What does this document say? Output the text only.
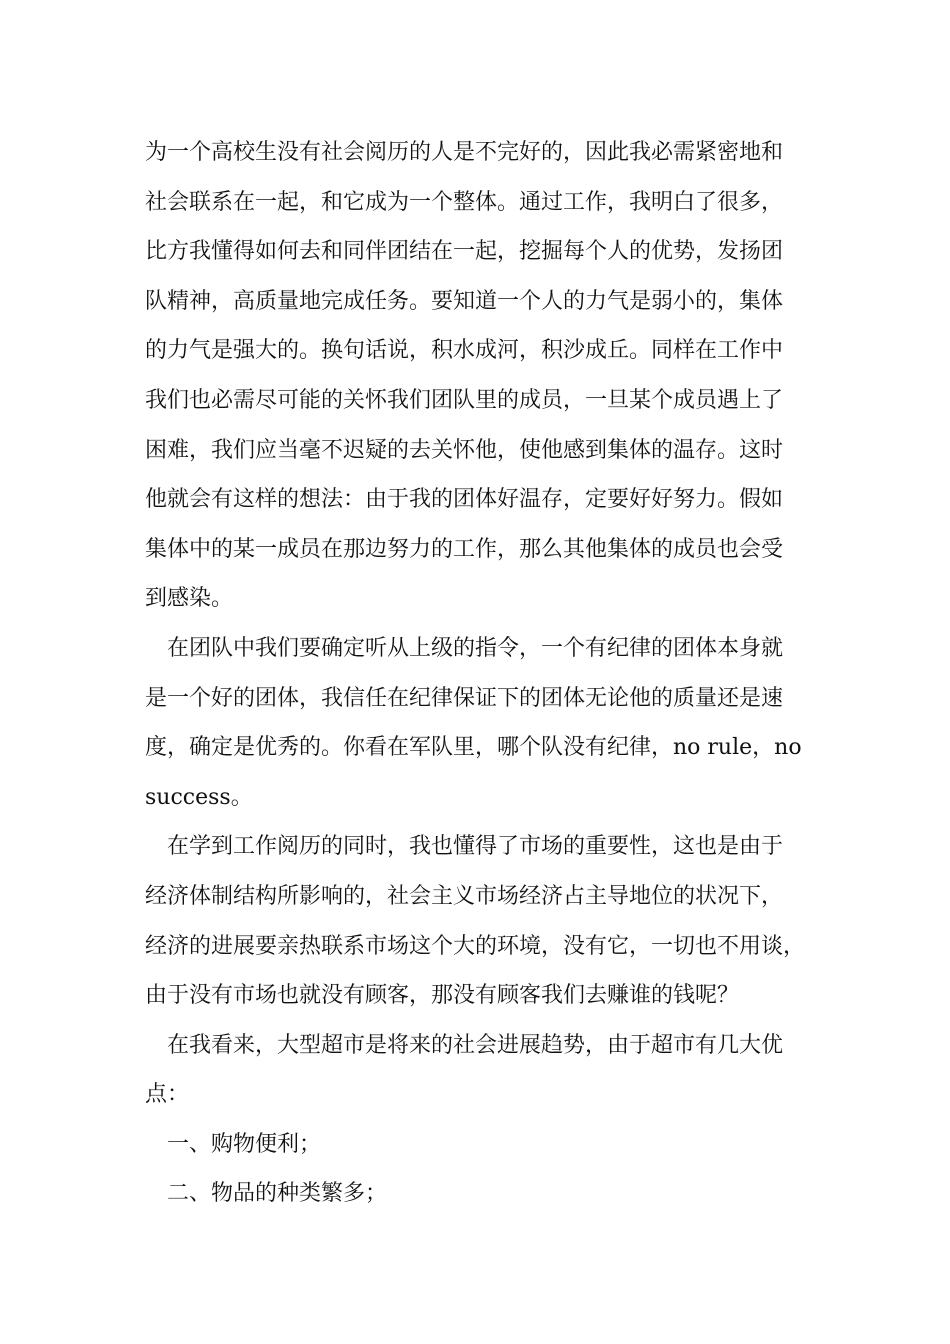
为一个高校生没有社会阅历的人是不完好的，因此我必需紧密地和
社会联系在一起，和它成为一个整体。通过工作，我明白了很多，
比方我懂得如何去和同伴团结在一起，挖掘每个人的优势，发扬团
队精神，高质量地完成任务。要知道一个人的力气是弱小的，集体
的力气是强大的。换句话说，积水成河，积沙成丘。同样在工作中
我们也必需尽可能的关怀我们团队里的成员，一旦某个成员遇上了
困难，我们应当毫不迟疑的去关怀他，使他感到集体的温存。这时
他就会有这样的想法：由于我的团体好温存，定要好好努力。假如
集体中的某一成员在那边努力的工作，那么其他集体的成员也会受
到感染。
在团队中我们要确定听从上级的指令，一个有纪律的团体本身就
是一个好的团体，我信任在纪律保证下的团体无论他的质量还是速
度，确定是优秀的。你看在军队里，哪个队没有纪律，no rule，no
success。
在学到工作阅历的同时，我也懂得了市场的重要性，这也是由于
经济体制结构所影响的，社会主义市场经济占主导地位的状况下，
经济的进展要亲热联系市场这个大的环境，没有它，一切也不用谈，
由于没有市场也就没有顾客，那没有顾客我们去赚谁的钱呢？
在我看来，大型超市是将来的社会进展趋势，由于超市有几大优
点：
一、购物便利；
二、物品的种类繁多；
